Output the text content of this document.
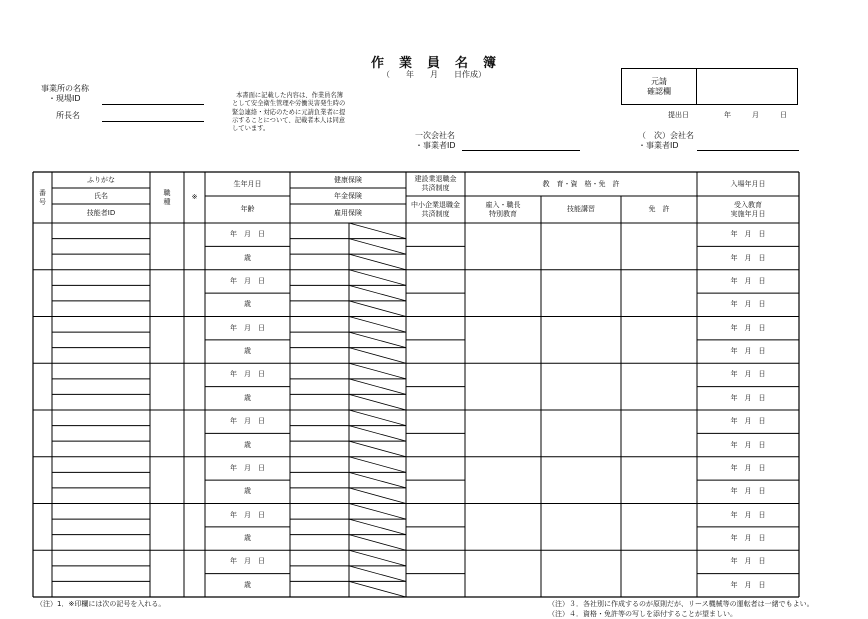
作　業　員　名　簿
（　　年　　月　　日作成）
元請
確認欄
事業所の名称
・現場ID
所長名
本書面に記載した内容は、作業員名簿として安全衛生管理や労働災害発生時の緊急連絡・対応のために元請負業者に提示することについて、記載者本人は同意しています。
提出日　　　　　年　　　月　　　日
一次会社名
・事業者ID
（　次）会社名
・事業者ID
番
号
ふりがな
氏名
技能者ID
職
種
※
生年月日
年齢
健康保険
年金保険
雇用保険
建設業退職金
共済制度
中小企業退職金
共済制度
教　育・資　格・免　許
雇入・職長
特別教育
技能講習	免　許
入場年月日
受入教育
実施年月日
年　月　日
歳
年　月　日
年　月　日
年　月　日
歳
年　月　日
年　月　日
年　月　日
歳
年　月　日
年　月　日
年　月　日
歳
年　月　日
年　月　日
年　月　日
歳
年　月　日
年　月　日
年　月　日
歳
年　月　日
年　月　日
年　月　日
歳
年　月　日
年　月　日
年　月　日
歳
年　月　日
年　月　日
（注）1．※印欄には次の記号を入れる。	（注）３．各社別に作成するのが原則だが、リース機械等の運転者は一緒でもよい。
（注）４．資格・免許等の写しを添付することが望ましい。
